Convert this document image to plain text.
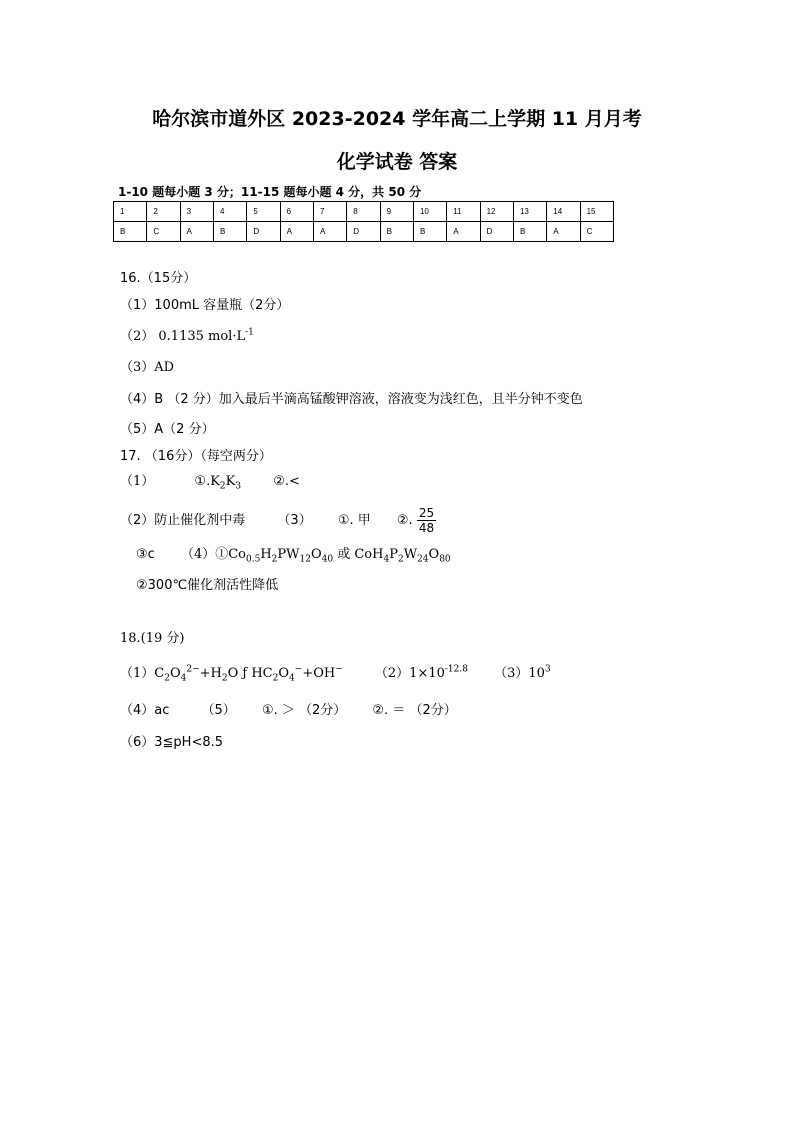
哈尔滨市道外区 2023-2024 学年高二上学期 11 月月考
化学试卷 答案
1-10 题每小题 3 分；11-15 题每小题 4 分，共 50 分
1	2	3	4	5	6	7	8	9	10	11	12	13	14	15
B	C	A	B	D	A	A	D	B	B	A	D	B	A	C
16.（15分）
（1）100mL 容量瓶（2分）
（2） 0.1135 $mol\cdot L^{-1}$
（3）AD
（4）B （2 分）加入最后半滴高锰酸钾溶液，溶液变为浅红色，且半分钟不变色
（5）A（2 分）
17. （16分）（每空两分）
（1）	$①.K_2K_3$ ②.<
（2）防止催化剂中毒 （3） ①. 甲 ②. $\frac{25}{48}$
③c $(4)①Co_{0.5}H_2PW_{12}O_{40}$ 或 $CoH_4P_2W_{24}O_{80}$
②300℃催化剂活性降低
18.(19 分)
$(1)C_2O_4^{2-}+H_2O$ ƒ $HC_2O_4^-+OH^-$ $(2)1\times 10^{-12.8}$ $(3)10^3$
（4）ac （5） ①. ＞ （2分） ②. ＝ （2分）
（6）3≦pH<8.5
